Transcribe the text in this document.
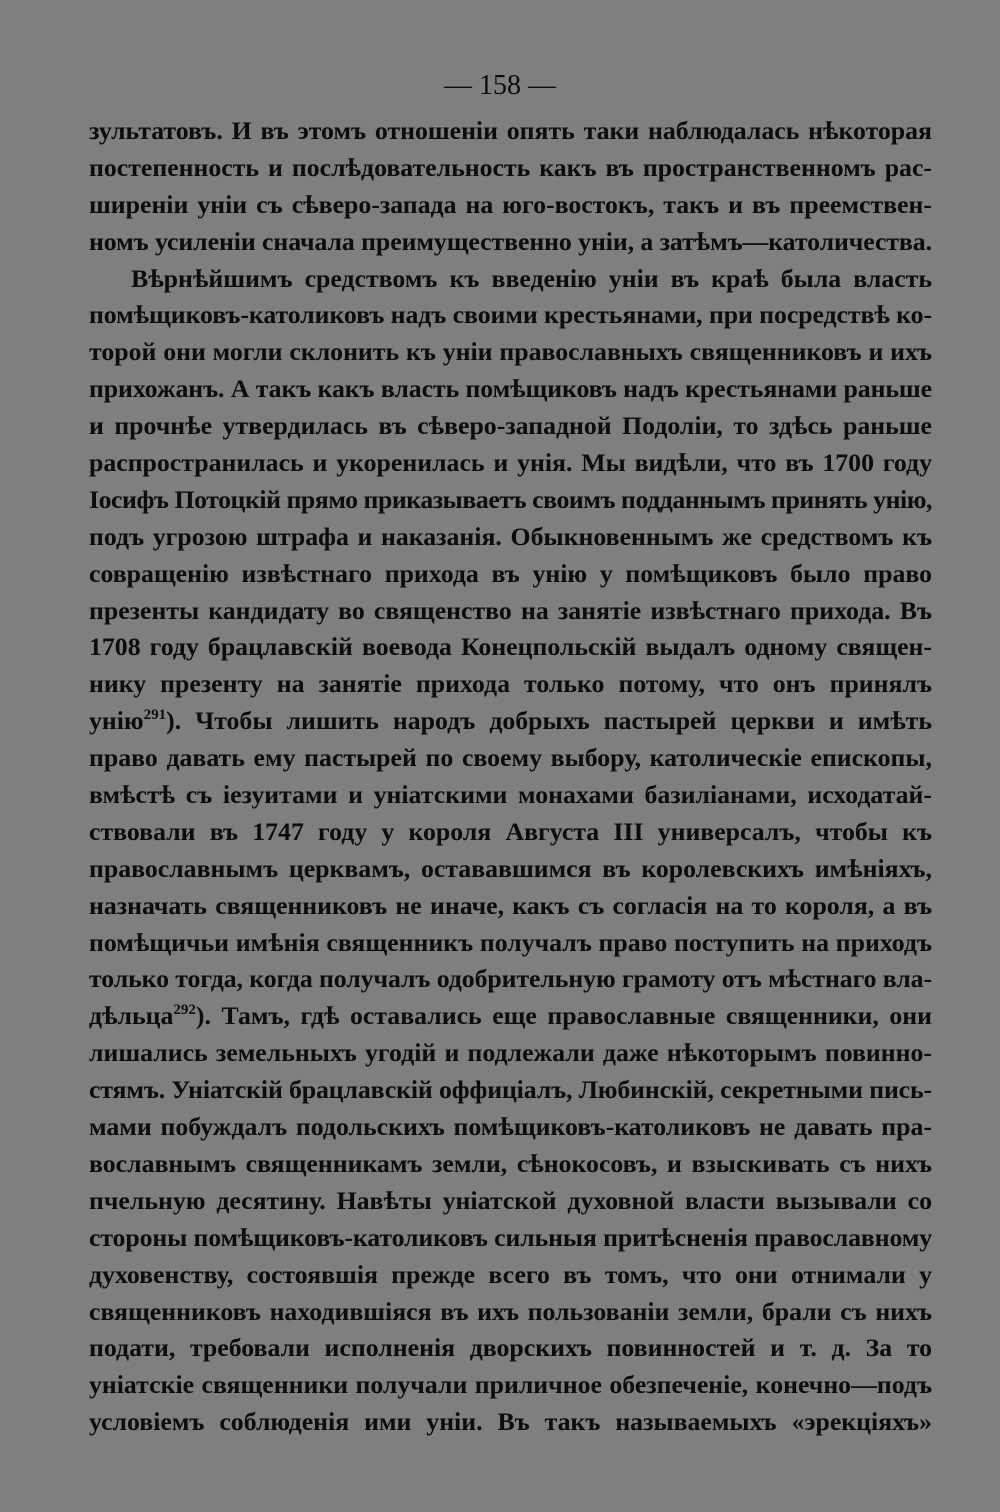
— 158 —
зультатовъ. И въ этомъ отношеніи опять таки наблюдалась нѣкоторая
постепенность и послѣдовательность какъ въ пространственномъ рас-
ширеніи уніи съ сѣверо-запада на юго-востокъ, такъ и въ преемствен-
номъ усиленіи сначала преимущественно уніи, а затѣмъ—католичества.
Вѣрнѣйшимъ средствомъ къ введенію уніи въ краѣ была власть
помѣщиковъ-католиковъ надъ своими крестьянами, при посредствѣ ко-
торой они могли склонить къ уніи православныхъ священниковъ и ихъ
прихожанъ. А такъ какъ власть помѣщиковъ надъ крестьянами раньше
и прочнѣе утвердилась въ сѣверо-западной Подоліи, то здѣсь раньше
распространилась и укоренилась и унія. Мы видѣли, что въ 1700 году
Іосифъ Потоцкій прямо приказываетъ своимъ подданнымъ принять унію,
подъ угрозою штрафа и наказанія. Обыкновеннымъ же средствомъ къ
совращенію извѣстнаго прихода въ унію у помѣщиковъ было право
презенты кандидату во священство на занятіе извѣстнаго прихода. Въ
1708 году брацлавскій воевода Конецпольскій выдалъ одному священ-
нику презенту на занятіе прихода только потому, что онъ принялъ
унію$^{291}$). Чтобы лишить народъ добрыхъ пастырей церкви и имѣть
право давать ему пастырей по своему выбору, католическіе епископы,
вмѣстѣ съ іезуитами и уніатскими монахами базиліанами, исходатай-
ствовали въ 1747 году у короля Августа III универсалъ, чтобы къ
православнымъ церквамъ, остававшимся въ королевскихъ имѣніяхъ,
назначать священниковъ не иначе, какъ съ согласія на то короля, а въ
помѣщичьи имѣнія священникъ получалъ право поступить на приходъ
только тогда, когда получалъ одобрительную грамоту отъ мѣстнаго вла-
дѣльца$^{292}$). Тамъ, гдѣ оставались еще православные священники, они
лишались земельныхъ угодій и подлежали даже нѣкоторымъ повинно-
стямъ. Уніатскій брацлавскій оффиціалъ, Любинскій, секретными пись-
мами побуждалъ подольскихъ помѣщиковъ-католиковъ не давать пра-
вославнымъ священникамъ земли, сѣнокосовъ, и взыскивать съ нихъ
пчельную десятину. Навѣты уніатской духовной власти вызывали со
стороны помѣщиковъ-католиковъ сильныя притѣсненія православному
духовенству, состоявшія прежде всего въ томъ, что они отнимали у
священниковъ находившіяся въ ихъ пользованіи земли, брали съ нихъ
подати, требовали исполненія дворскихъ повинностей и т. д. За то
уніатскіе священники получали приличное обезпеченіе, конечно—подъ
условіемъ соблюденія ими уніи. Въ такъ называемыхъ «эрекціяхъ»
